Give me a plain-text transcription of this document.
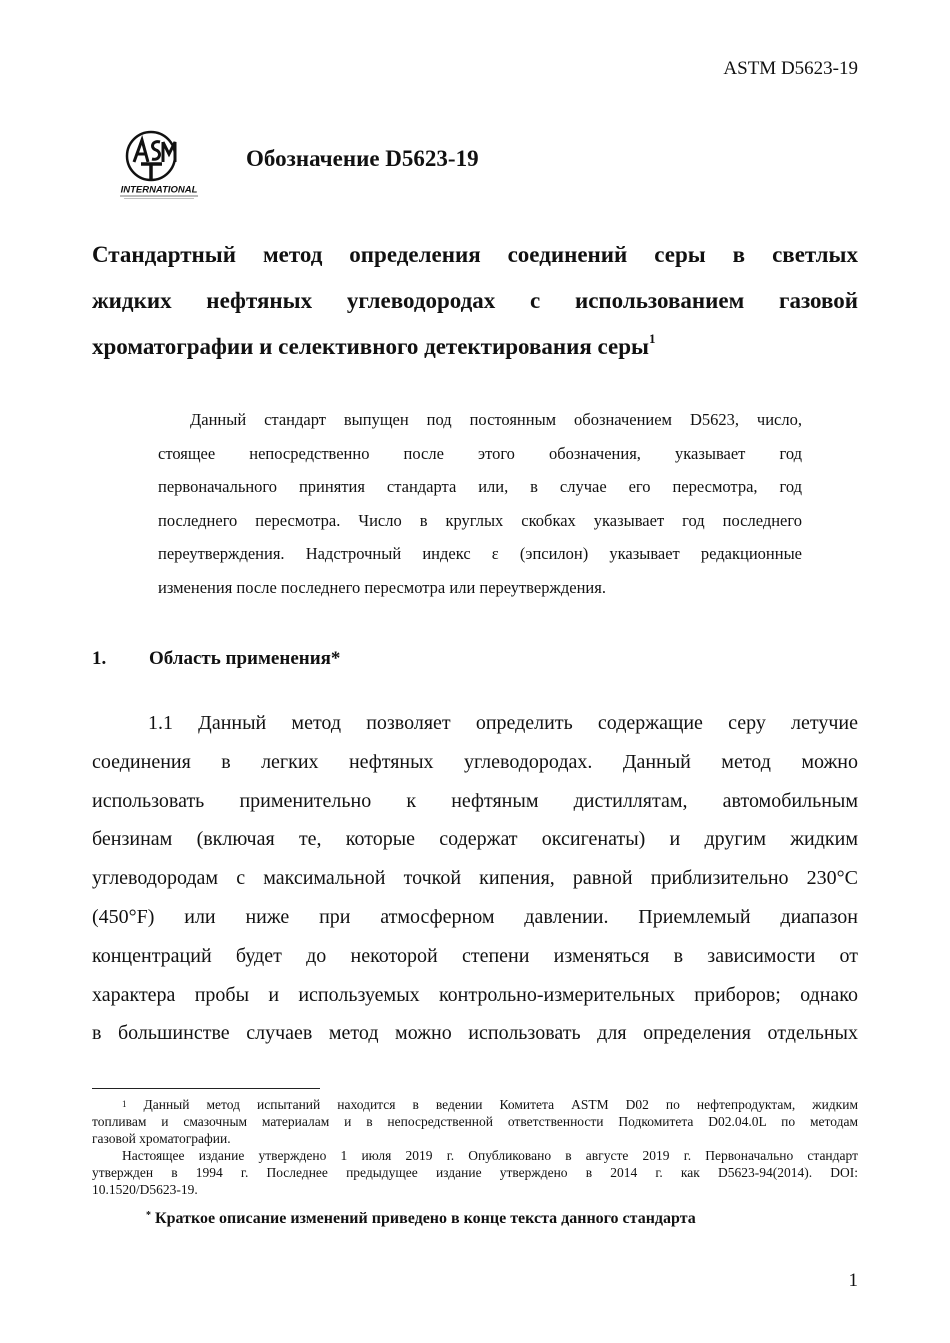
ASTM D5623-19
INTERNATIONAL
Обозначение D5623-19
Стандартный метод определения соединений серы в светлых
жидких нефтяных углеводородах с использованием газовой
хроматографии и селективного детектирования серы$^1$
Данный стандарт выпущен под постоянным обозначением D5623, число,
стоящее непосредственно после этого обозначения, указывает год
первоначального принятия стандарта или, в случае его пересмотра, год
последнего пересмотра. Число в круглых скобках указывает год последнего
переутверждения. Надстрочный индекс ε (эпсилон) указывает редакционные
изменения после последнего пересмотра или переутверждения.
1. Область применения*
1.1 Данный метод позволяет определить содержащие серу летучие
соединения в легких нефтяных углеводородах. Данный метод можно
использовать применительно к нефтяным дистиллятам, автомобильным
бензинам (включая те, которые содержат оксигенаты) и другим жидким
углеводородам с максимальной точкой кипения, равной приблизительно 230°C
(450°F) или ниже при атмосферном давлении. Приемлемый диапазон
концентраций будет до некоторой степени изменяться в зависимости от
характера пробы и используемых контрольно-измерительных приборов; однако
в большинстве случаев метод можно использовать для определения отдельных
$^1$ Данный метод испытаний находится в ведении Комитета ASTM D02 по нефтепродуктам, жидким
топливам и смазочным материалам и в непосредственной ответственности Подкомитета D02.04.0L по методам
газовой хроматографии.
Настоящее издание утверждено 1 июля 2019 г. Опубликовано в августе 2019 г. Первоначально стандарт
утвержден в 1994 г. Последнее предыдущее издание утверждено в 2014 г. как D5623-94(2014). DOI:
10.1520/D5623-19.
* Краткое описание изменений приведено в конце текста данного стандарта
1
